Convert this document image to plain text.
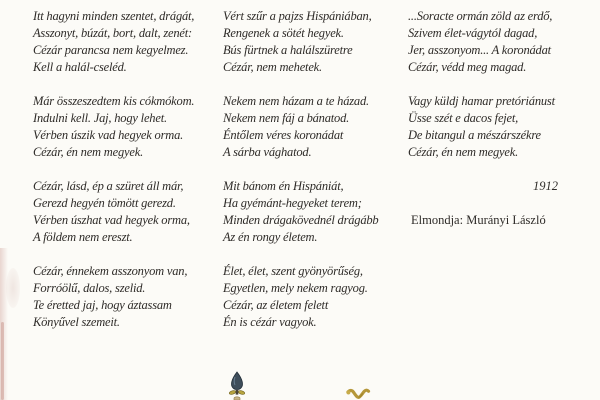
Itt hagyni minden szentet, drágát,
Asszonyt, búzát, bort, dalt, zenét:
Cézár parancsa nem kegyelmez.
Kell a halál-cseléd.
Már összeszedtem kis cókmókom.
Indulni kell. Jaj, hogy lehet.
Vérben úszik vad hegyek orma.
Cézár, én nem megyek.
Cézár, lásd, ép a szüret áll már,
Gerezd hegyén tömött gerezd.
Vérben úszhat vad hegyek orma,
A földem nem ereszt.
Cézár, énnekem asszonyom van,
Forróölű, dalos, szelid.
Te éretted jaj, hogy áztassam
Könyűvel szemeit.
Vért szűr a pajzs Hispániában,
Rengenek a sötét hegyek.
Bús fürtnek a halálszüretre
Cézár, nem mehetek.
Nekem nem házam a te házad.
Nekem nem fáj a bánatod.
Éntőlem véres koronádat
A sárba vághatod.
Mit bánom én Hispániát,
Ha gyémánt-hegyeket terem;
Minden drágakövednél drágább
Az én rongy életem.
Élet, élet, szent gyönyörűség,
Egyetlen, mely nekem ragyog.
Cézár, az életem felett
Én is cézár vagyok.
...Soracte ormán zöld az erdő,
Szivem élet-vágytól dagad,
Jer, asszonyom... A koronádat
Cézár, védd meg magad.
Vagy küldj hamar pretóriánust
Üsse szét e dacos fejet,
De bitangul a mészárszékre
Cézár, én nem megyek.
1912
Elmondja: Murányi László
